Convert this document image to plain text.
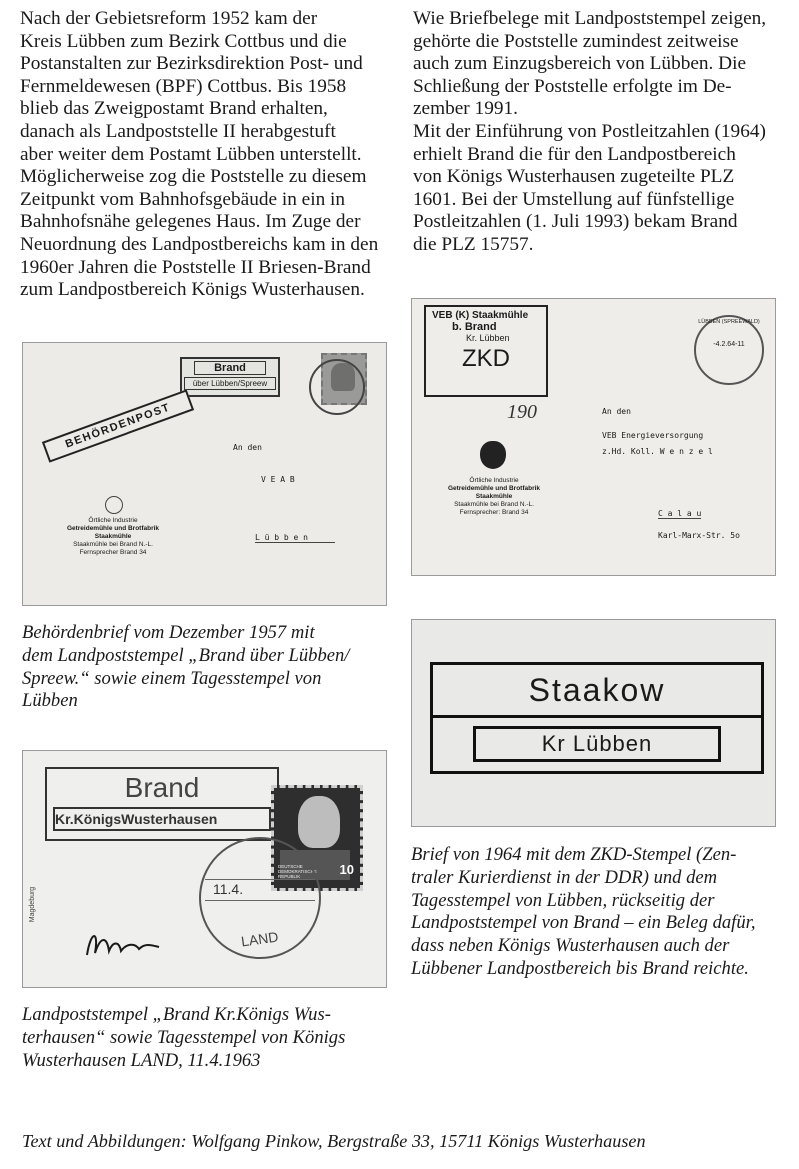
Nach der Gebietsreform 1952 kam der
Kreis Lübben zum Bezirk Cottbus und die
Postanstalten zur Bezirksdirektion Post- und
Fernmeldewesen (BPF) Cottbus. Bis 1958
blieb das Zweigpostamt Brand erhalten,
danach als Landpoststelle II herabgestuft
aber weiter dem Postamt Lübben unterstellt.
Möglicherweise zog die Poststelle zu diesem
Zeitpunkt vom Bahnhofsgebäude in ein in
Bahnhofsnähe gelegenes Haus. Im Zuge der
Neuordnung des Landpostbereichs kam in den
1960er Jahren die Poststelle II Briesen-Brand
zum Landpostbereich Königs Wusterhausen.

Wie Briefbelege mit Landpoststempel zeigen,
gehörte die Poststelle zumindest zeitweise
auch zum Einzugsbereich von Lübben. Die
Schließung der Poststelle erfolgte im De-
zember 1991.

Mit der Einführung von Postleitzahlen (1964)
erhielt Brand die für den Landpostbereich
von Königs Wusterhausen zugeteilte PLZ
1601. Bei der Umstellung auf fünfstellige
Postleitzahlen (1. Juli 1993) bekam Brand
die PLZ 15757.

Brand
über Lübben/Spreew
BEHÖRDENPOST	An den
V E A B
L ü b b e n
Örtliche Industrie
Getreidemühle und Brotfabrik
Staakmühle
Staakmühle bei Brand N.-L.
Fernsprecher Brand 34

Behördenbrief vom Dezember 1957 mit
dem Landpoststempel „Brand über Lübben/
Spreew.“ sowie einem Tagesstempel von
Lübben

VEB (K) Staakmühle
b. Brand
Kr. Lübben
ZKD
-4.2.64-11
LÜBBEN (SPREEWALD)
190	An den
VEB Energieversorgung
z.Hd. Koll. W e n z e l
C a l a u
Karl-Marx-Str. 5o
Örtliche Industrie
Getreidemühle und Brotfabrik
Staakmühle
Staakmühle bei Brand N.-L.
Fernsprecher: Brand 34
Staakow
Kr Lübben

Brief von 1964 mit dem ZKD-Stempel (Zen-
traler Kurierdienst in der DDR) und dem
Tagesstempel von Lübben, rückseitig der
Landpoststempel von Brand – ein Beleg dafür,
dass neben Königs Wusterhausen auch der
Lübbener Landpostbereich bis Brand reichte.

Brand
Kr.KönigsWusterhausen
DEUTSCHE
DEMOKRATISCHE REPUBLIK	10
11.4.
LAND
Magdeburg

Landpoststempel „Brand Kr.Königs Wus-
terhausen“ sowie Tagesstempel von Königs
Wusterhausen LAND, 11.4.1963

Text und Abbildungen: Wolfgang Pinkow, Bergstraße 33, 15711 Königs Wusterhausen
